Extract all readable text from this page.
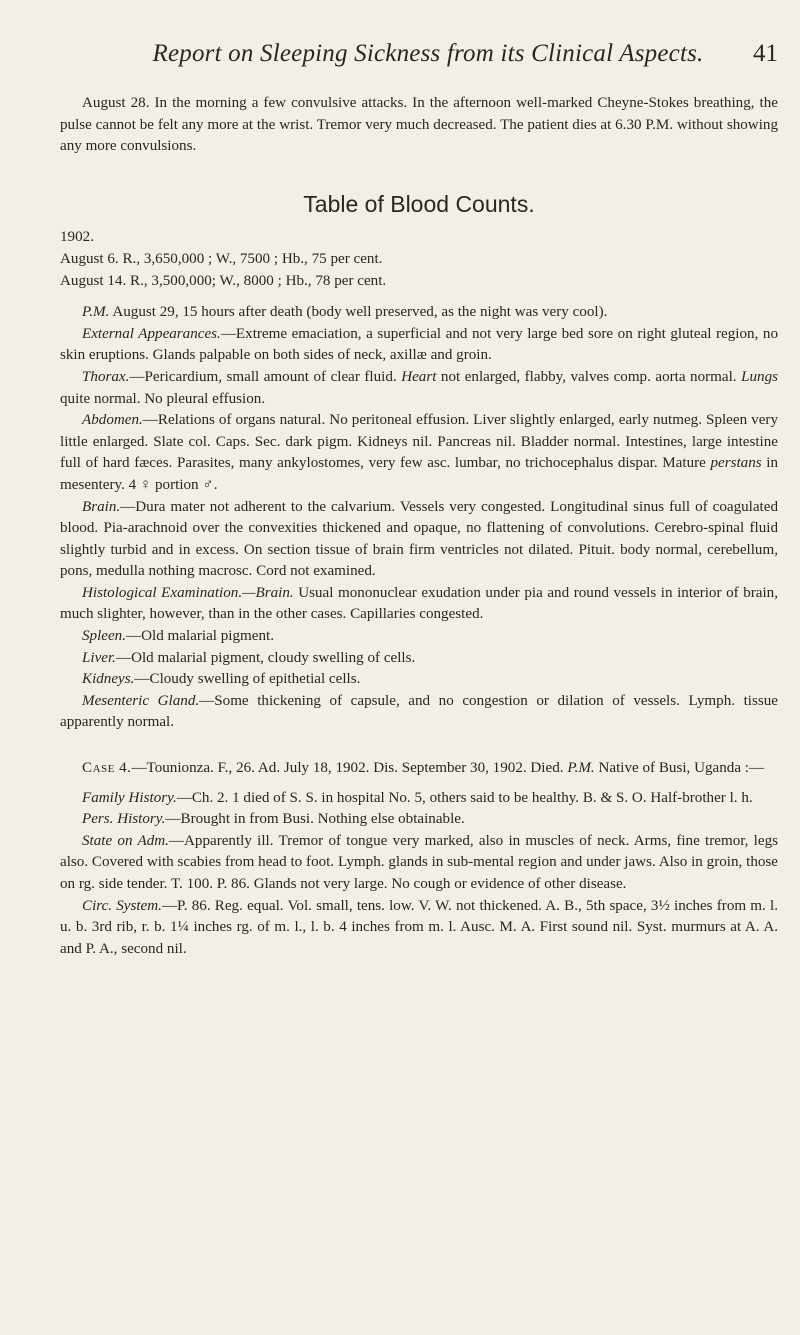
Report on Sleeping Sickness from its Clinical Aspects.	41

August 28. In the morning a few convulsive attacks. In the afternoon well-marked Cheyne-Stokes breathing, the pulse cannot be felt any more at the wrist. Tremor very much decreased. The patient dies at 6.30 P.M. without showing any more convulsions.

Table of Blood Counts.

1902.

August 6. R., 3,650,000 ; W., 7500 ; Hb., 75 per cent.

August 14. R., 3,500,000; W., 8000 ; Hb., 78 per cent.

P.M. August 29, 15 hours after death (body well preserved, as the night was very cool).

External Appearances.—Extreme emaciation, a superficial and not very large bed sore on right gluteal region, no skin eruptions. Glands palpable on both sides of neck, axillæ and groin.

Thorax.—Pericardium, small amount of clear fluid. Heart not enlarged, flabby, valves comp. aorta normal. Lungs quite normal. No pleural effusion.

Abdomen.—Relations of organs natural. No peritoneal effusion. Liver slightly enlarged, early nutmeg. Spleen very little enlarged. Slate col. Caps. Sec. dark pigm. Kidneys nil. Pancreas nil. Bladder normal. Intestines, large intestine full of hard fæces. Parasites, many ankylostomes, very few asc. lumbar, no trichocephalus dispar. Mature perstans in mesentery. 4 ♀ portion ♂.

Brain.—Dura mater not adherent to the calvarium. Vessels very congested. Longitudinal sinus full of coagulated blood. Pia-arachnoid over the convexities thickened and opaque, no flattening of convolutions. Cerebro-spinal fluid slightly turbid and in excess. On section tissue of brain firm ventricles not dilated. Pituit. body normal, cerebellum, pons, medulla nothing macrosc. Cord not examined.

Histological Examination.—Brain. Usual mononuclear exudation under pia and round vessels in interior of brain, much slighter, however, than in the other cases. Capillaries congested.

Spleen.—Old malarial pigment.

Liver.—Old malarial pigment, cloudy swelling of cells.

Kidneys.—Cloudy swelling of epithetial cells.

Mesenteric Gland.—Some thickening of capsule, and no congestion or dilation of vessels. Lymph. tissue apparently normal.

Case 4.—Tounionza. F., 26. Ad. July 18, 1902. Dis. September 30, 1902. Died. P.M. Native of Busi, Uganda :—

Family History.—Ch. 2. 1 died of S. S. in hospital No. 5, others said to be healthy. B. & S. O. Half-brother l. h.

Pers. History.—Brought in from Busi. Nothing else obtainable.

State on Adm.—Apparently ill. Tremor of tongue very marked, also in muscles of neck. Arms, fine tremor, legs also. Covered with scabies from head to foot. Lymph. glands in sub-mental region and under jaws. Also in groin, those on rg. side tender. T. 100. P. 86. Glands not very large. No cough or evidence of other disease.

Circ. System.—P. 86. Reg. equal. Vol. small, tens. low. V. W. not thickened. A. B., 5th space, 3½ inches from m. l. u. b. 3rd rib, r. b. 1¼ inches rg. of m. l., l. b. 4 inches from m. l. Ausc. M. A. First sound nil. Syst. murmurs at A. A. and P. A., second nil.
